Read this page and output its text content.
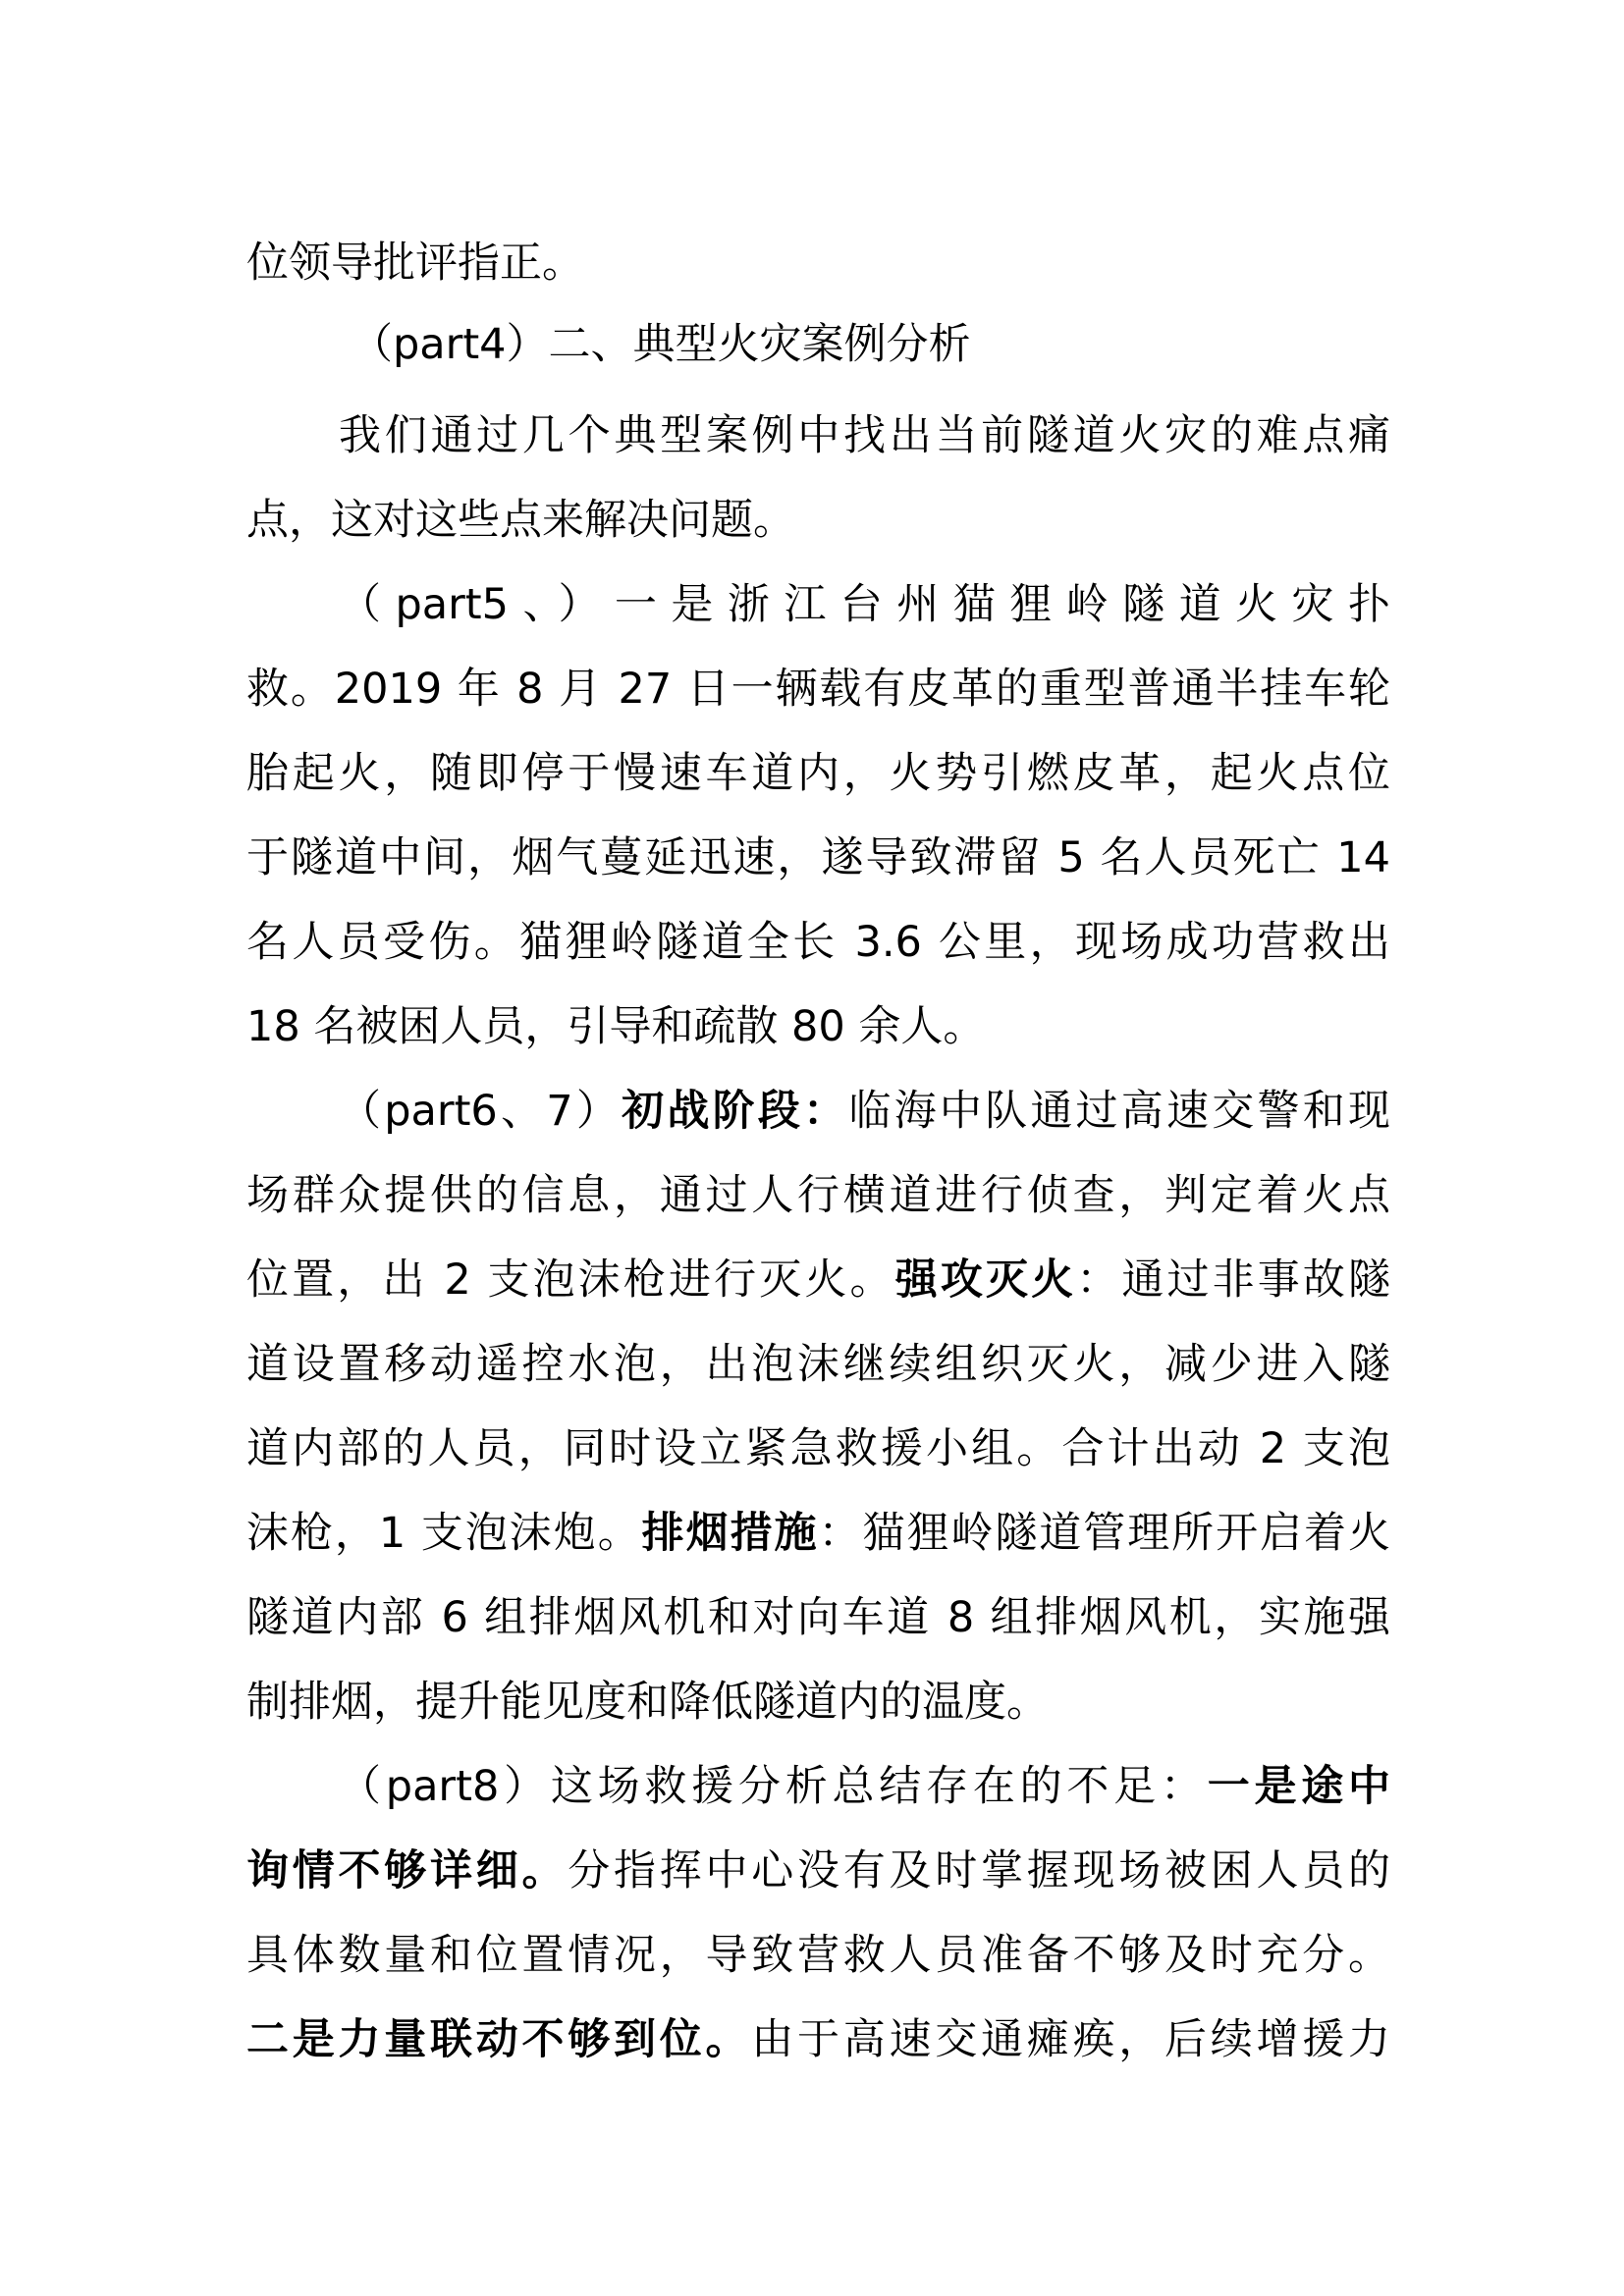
位领导批评指正。
（part4）二、典型火灾案例分析
我们通过几个典型案例中找出当前隧道火灾的难点痛
点，这对这些点来解决问题。
（part5、）一是浙江台州猫狸岭隧道火灾扑
救。2019 年 8 月 27 日一辆载有皮革的重型普通半挂车轮
胎起火，随即停于慢速车道内，火势引燃皮革，起火点位
于隧道中间，烟气蔓延迅速，遂导致滞留 5 名人员死亡 14
名人员受伤。猫狸岭隧道全长 3.6 公里，现场成功营救出
18 名被困人员，引导和疏散 80 余人。
（part6、7）初战阶段：临海中队通过高速交警和现
场群众提供的信息，通过人行横道进行侦查，判定着火点
位置，出 2 支泡沫枪进行灭火。强攻灭火：通过非事故隧
道设置移动遥控水泡，出泡沫继续组织灭火，减少进入隧
道内部的人员，同时设立紧急救援小组。合计出动 2 支泡
沫枪，1 支泡沫炮。排烟措施：猫狸岭隧道管理所开启着火
隧道内部 6 组排烟风机和对向车道 8 组排烟风机，实施强
制排烟，提升能见度和降低隧道内的温度。
（part8）这场救援分析总结存在的不足：一是途中
询情不够详细。分指挥中心没有及时掌握现场被困人员的
具体数量和位置情况，导致营救人员准备不够及时充分。
二是力量联动不够到位。由于高速交通瘫痪，后续增援力
